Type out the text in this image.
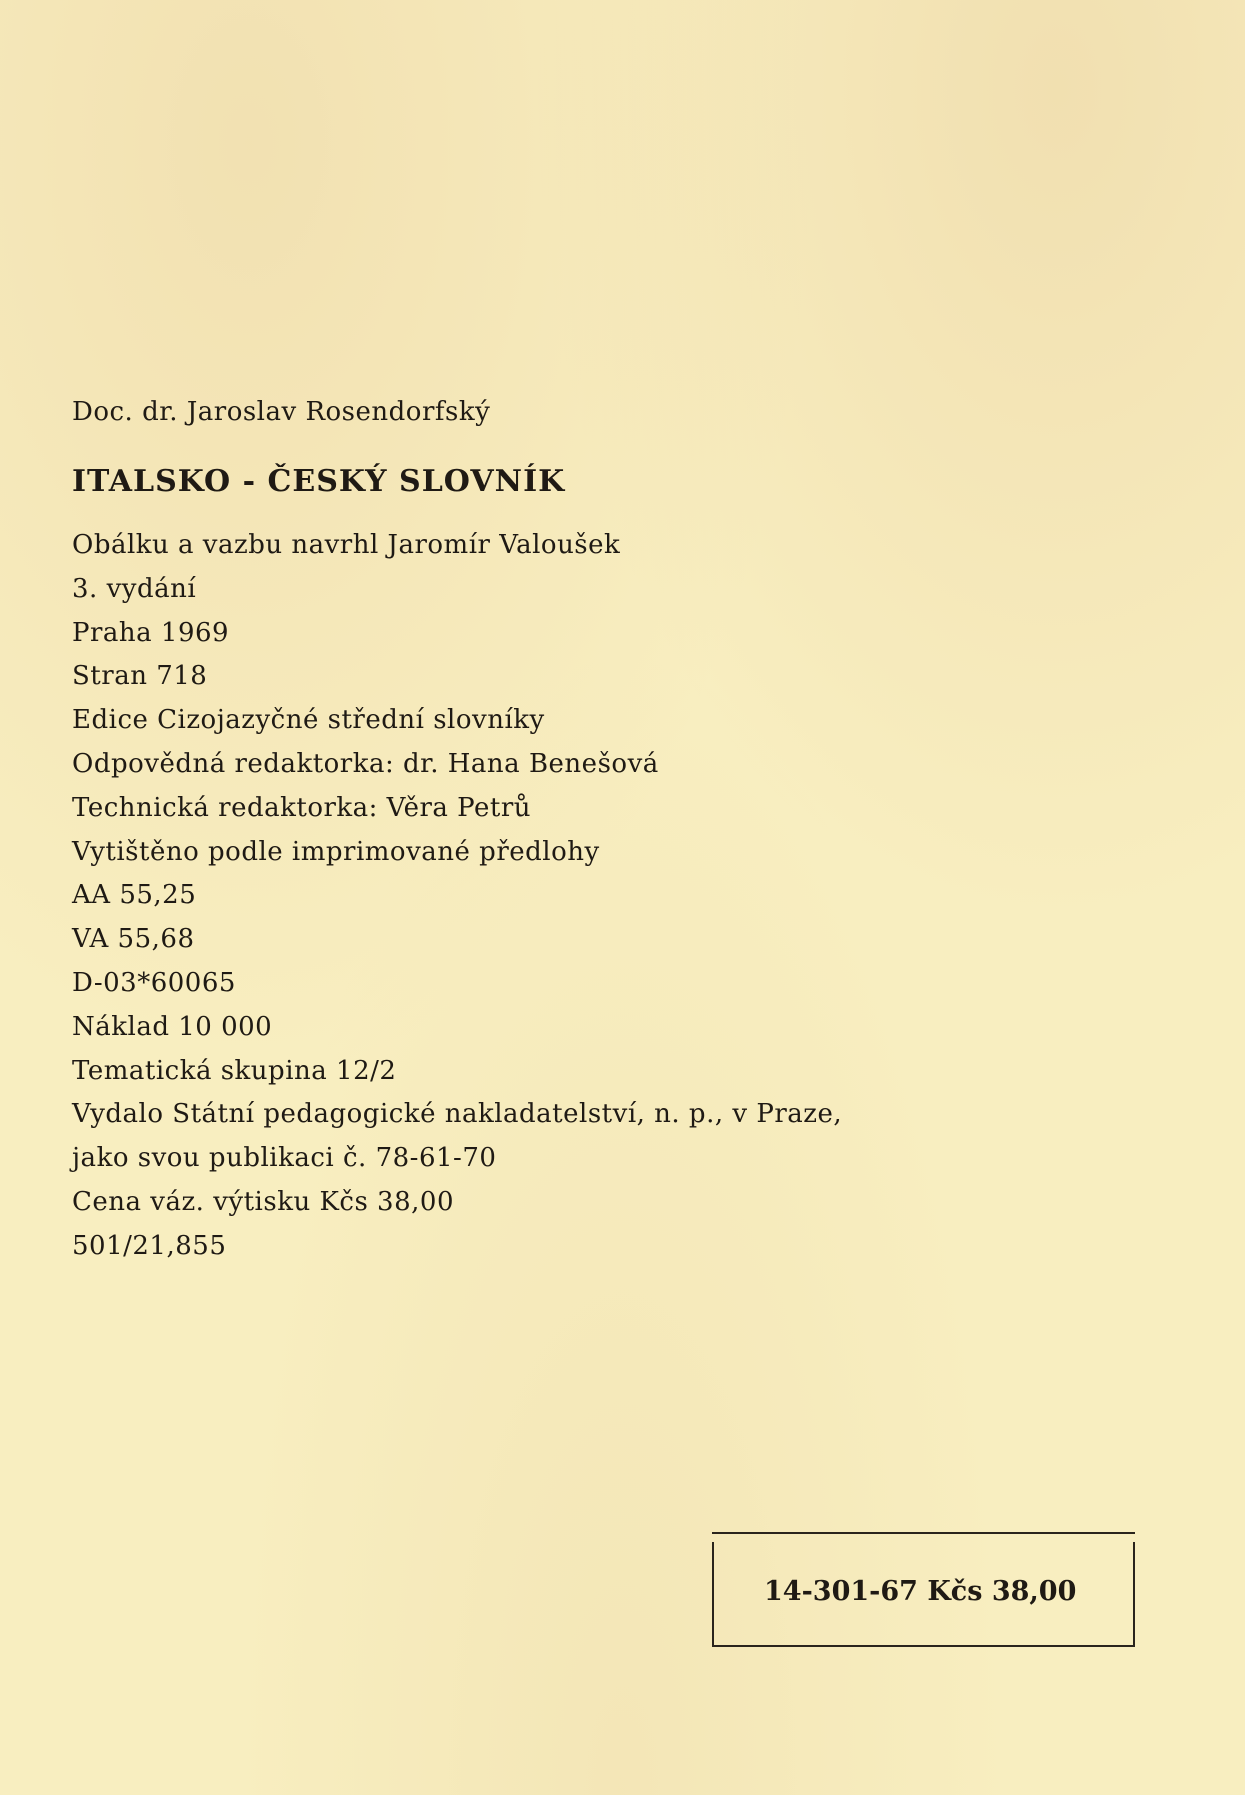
Doc. dr. Jaroslav Rosendorfský
ITALSKO - ČESKÝ SLOVNÍK
Obálku a vazbu navrhl Jaromír Valoušek
3. vydání
Praha 1969
Stran 718
Edice Cizojazyčné střední slovníky
Odpovědná redaktorka: dr. Hana Benešová
Technická redaktorka: Věra Petrů
Vytištěno podle imprimované předlohy
AA 55,25
VA 55,68
D-03*60065
Náklad 10 000
Tematická skupina 12/2
Vydalo Státní pedagogické nakladatelství, n. p., v Praze,
jako svou publikaci č. 78-61-70
Cena váz. výtisku Kčs 38,00
501/21,855
14-301-67 Kčs 38,00
